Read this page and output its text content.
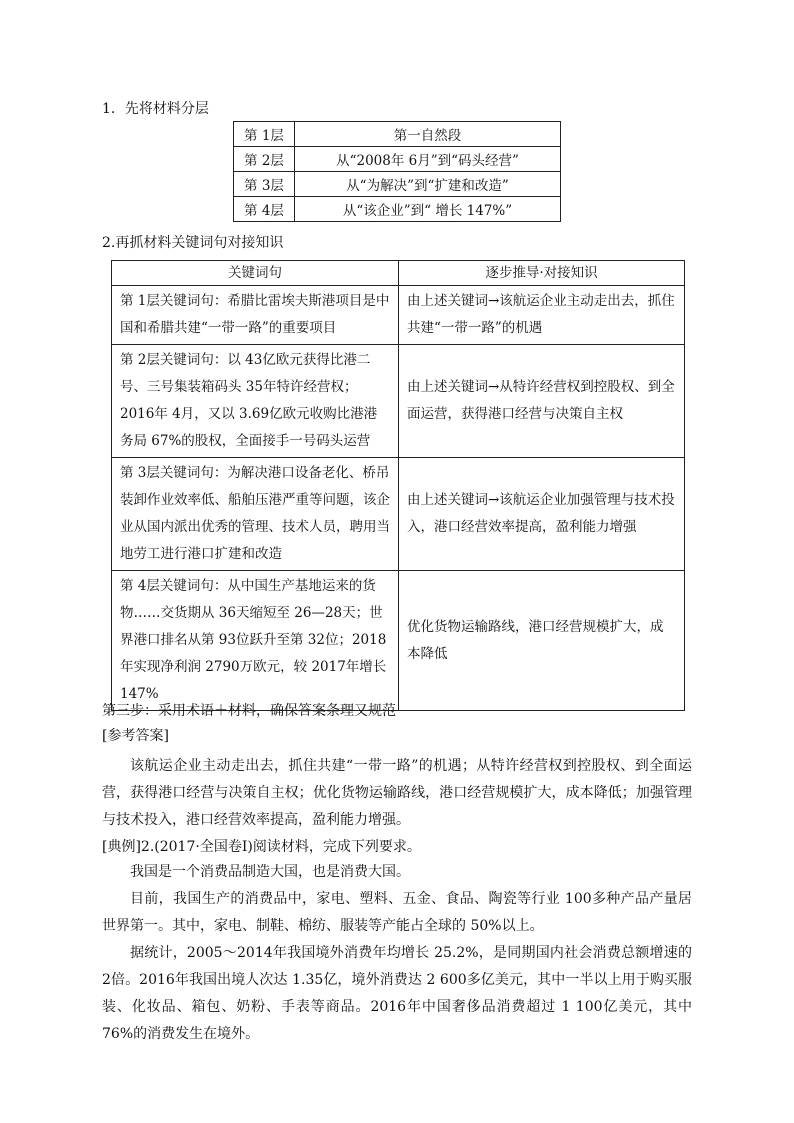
1．先将材料分层
第 1层	第一自然段
第 2层	从“2008年 6月”到“码头经营”
第 3层	从“为解决”到“扩建和改造”
第 4层	从“该企业”到“ 增长 147%”
2.再抓材料关键词句对接知识
关键词句	逐步推导·对接知识
第 1层关键词句：希腊比雷埃夫斯港项目是中国和希腊共建“一带一路”的重要项目	由上述关键词→该航运企业主动走出去，抓住共建“一带一路”的机遇
第 2层关键词句：以 43亿欧元获得比港二号、三号集装箱码头 35年特许经营权；2016年 4月，又以 3.69亿欧元收购比港港务局 67%的股权，全面接手一号码头运营	由上述关键词→从特许经营权到控股权、到全面运营，获得港口经营与决策自主权
第 3层关键词句：为解决港口设备老化、桥吊装卸作业效率低、船舶压港严重等问题，该企业从国内派出优秀的管理、技术人员，聘用当地劳工进行港口扩建和改造	由上述关键词→该航运企业加强管理与技术投入，港口经营效率提高，盈利能力增强
第 4层关键词句：从中国生产基地运来的货物……交货期从 36天缩短至 26—28天；世界港口排名从第 93位跃升至第 32位；2018年实现净利润 2790万欧元，较 2017年增长 147%	优化货物运输路线，港口经营规模扩大，成本降低
第三步：采用术语＋材料，确保答案条理又规范
[参考答案]
该航运企业主动走出去，抓住共建“一带一路”的机遇；从特许经营权到控股权、到全面运营，获得港口经营与决策自主权；优化货物运输路线，港口经营规模扩大，成本降低；加强管理与技术投入，港口经营效率提高，盈利能力增强。
[典例]2.(2017·全国卷Ⅰ)阅读材料，完成下列要求。
我国是一个消费品制造大国，也是消费大国。
目前，我国生产的消费品中，家电、塑料、五金、食品、陶瓷等行业 100多种产品产量居世界第一。其中，家电、制鞋、棉纺、服装等产能占全球的 50%以上。
据统计，2005～2014年我国境外消费年均增长 25.2%，是同期国内社会消费总额增速的 2倍。2016年我国出境人次达 1.35亿，境外消费达 2 600多亿美元，其中一半以上用于购买服装、化妆品、箱包、奶粉、手表等商品。2016年中国奢侈品消费超过 1 100亿美元，其中 76%的消费发生在境外。
